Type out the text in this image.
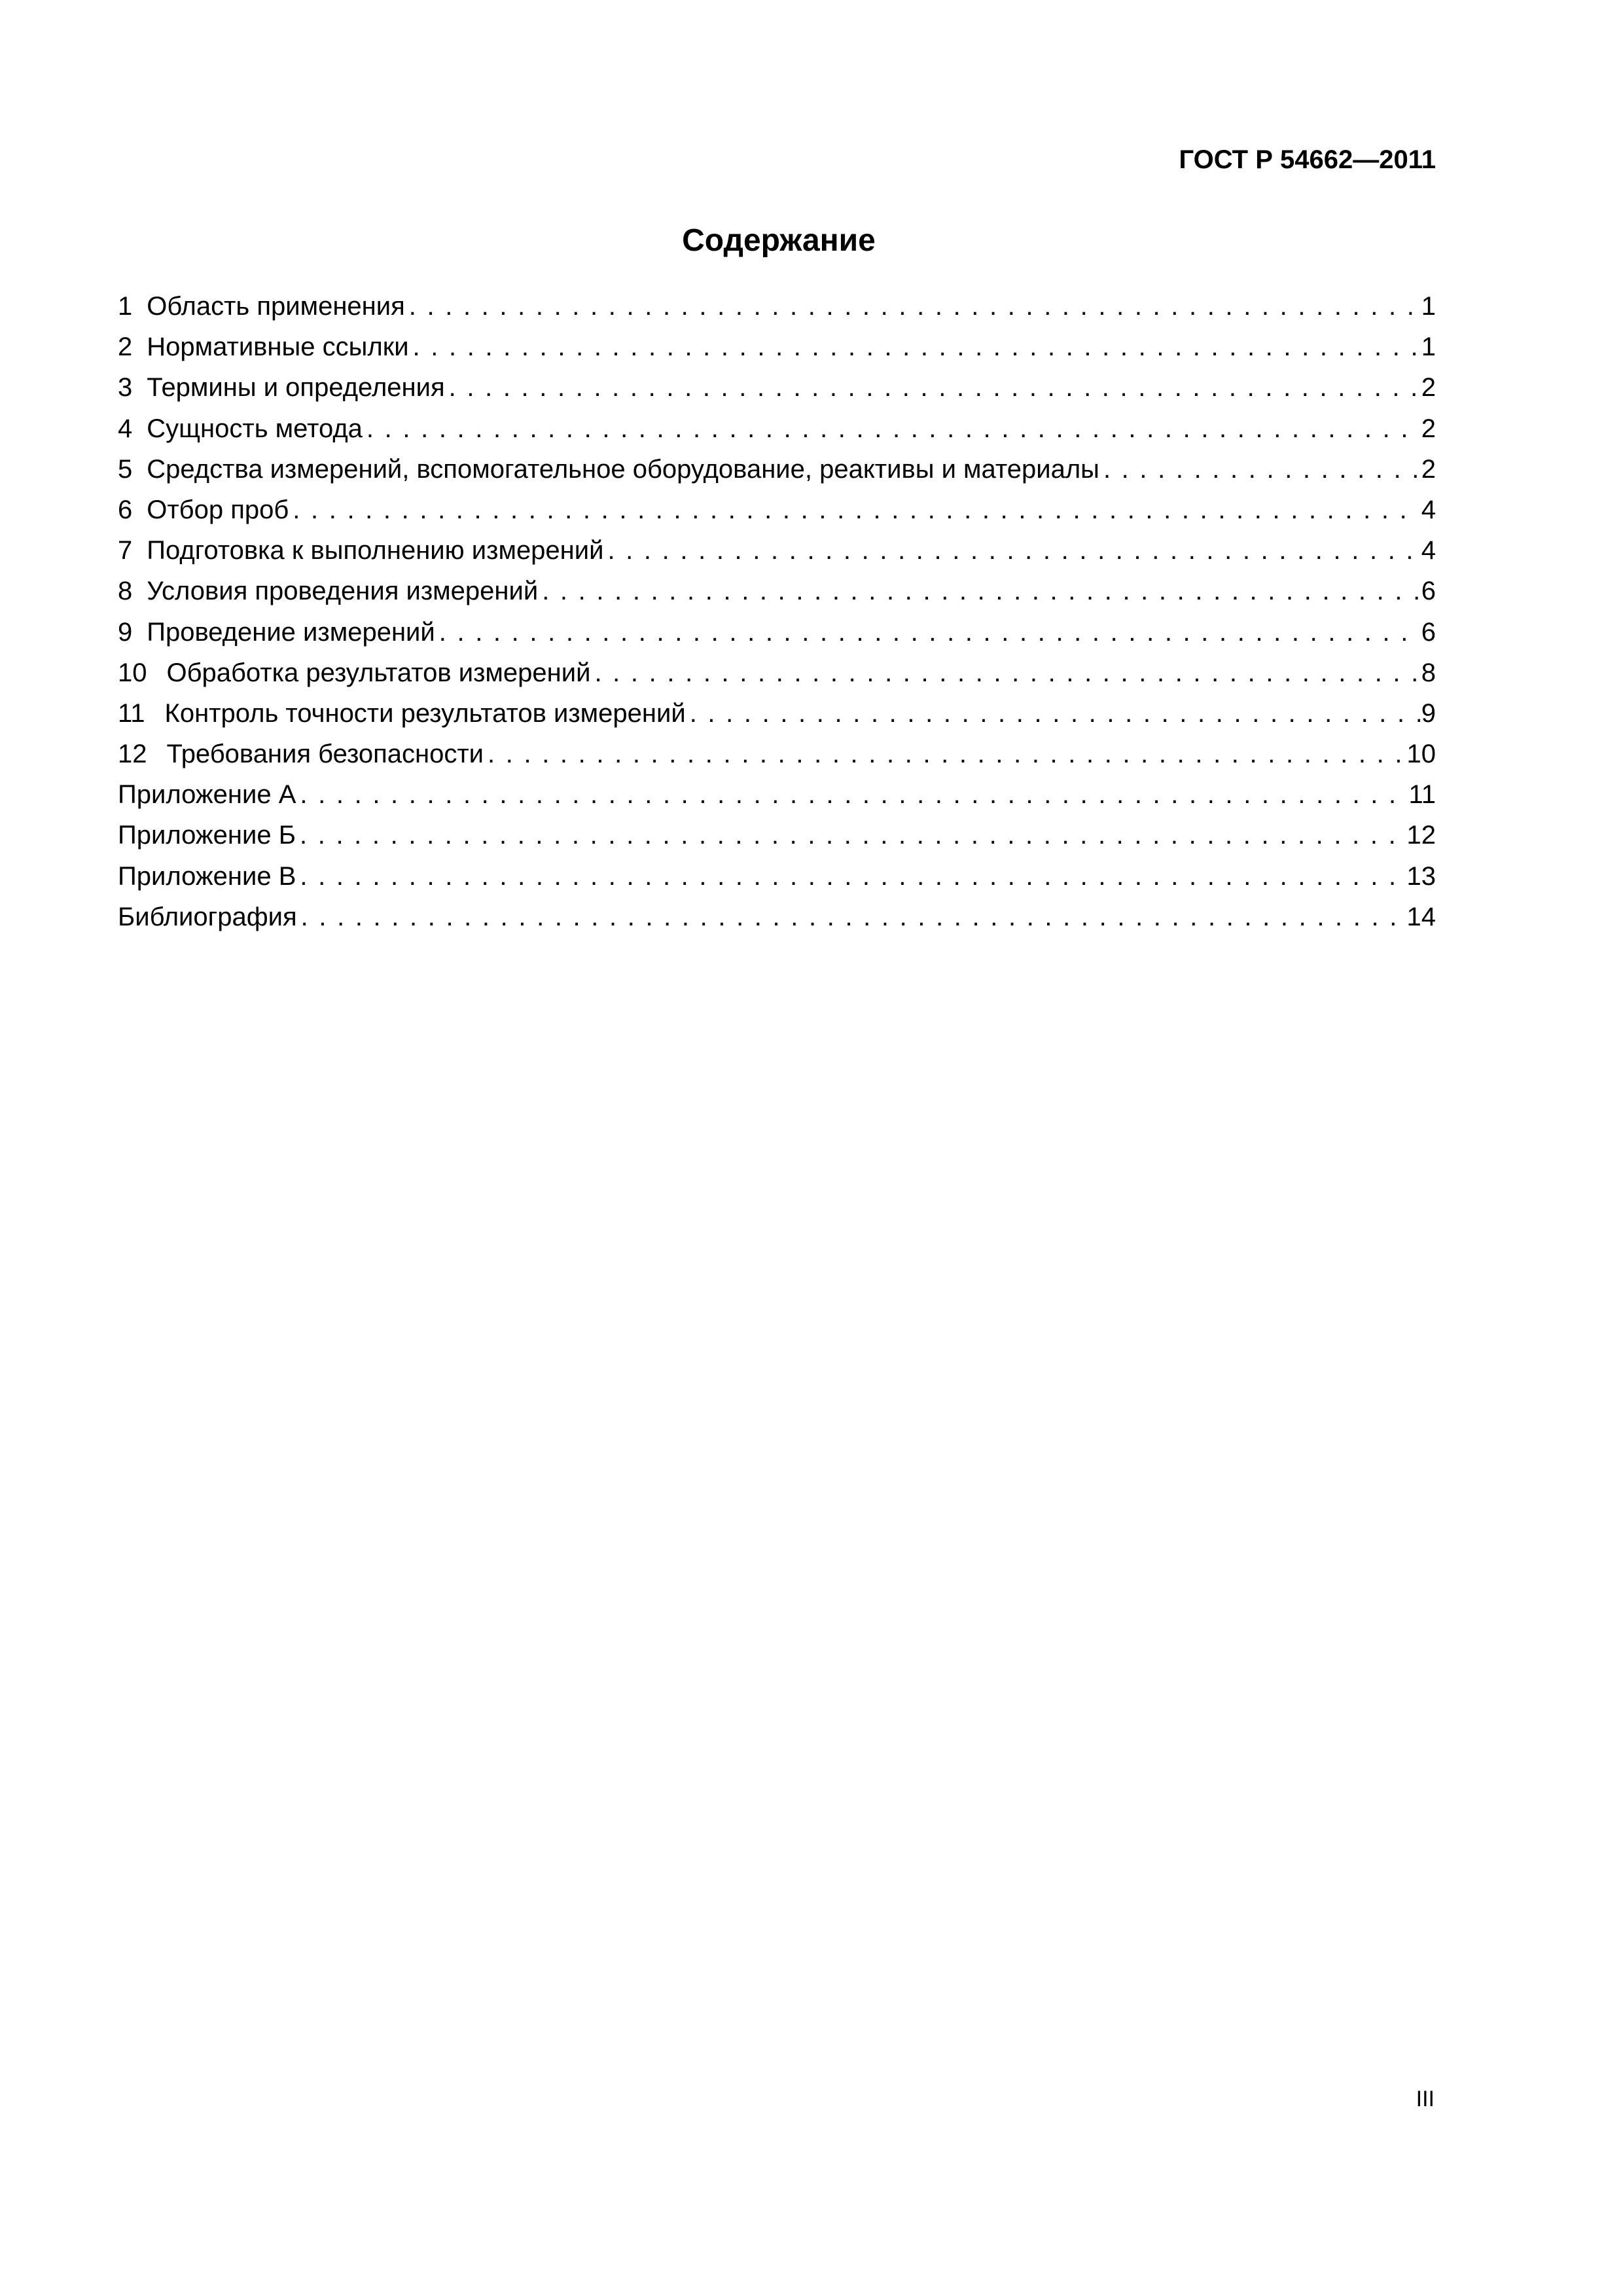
ГОСТ Р 54662—2011
Содержание
1 Область применения . . .	1
2 Нормативные ссылки . . .	1
3 Термины и определения . . .	2
4 Сущность метода . . .	2
5 Средства измерений, вспомогательное оборудование, реактивы и материалы . . .	2
6 Отбор проб . . .	4
7 Подготовка к выполнению измерений . . .	4
8 Условия проведения измерений . . .	6
9 Проведение измерений . . .	6
10 Обработка результатов измерений . . .	8
11 Контроль точности результатов измерений . . .	9
12 Требования безопасности . . .	10
Приложение А . . .	11
Приложение Б . . .	12
Приложение В . . .	13
Библиография . . .	14
III
